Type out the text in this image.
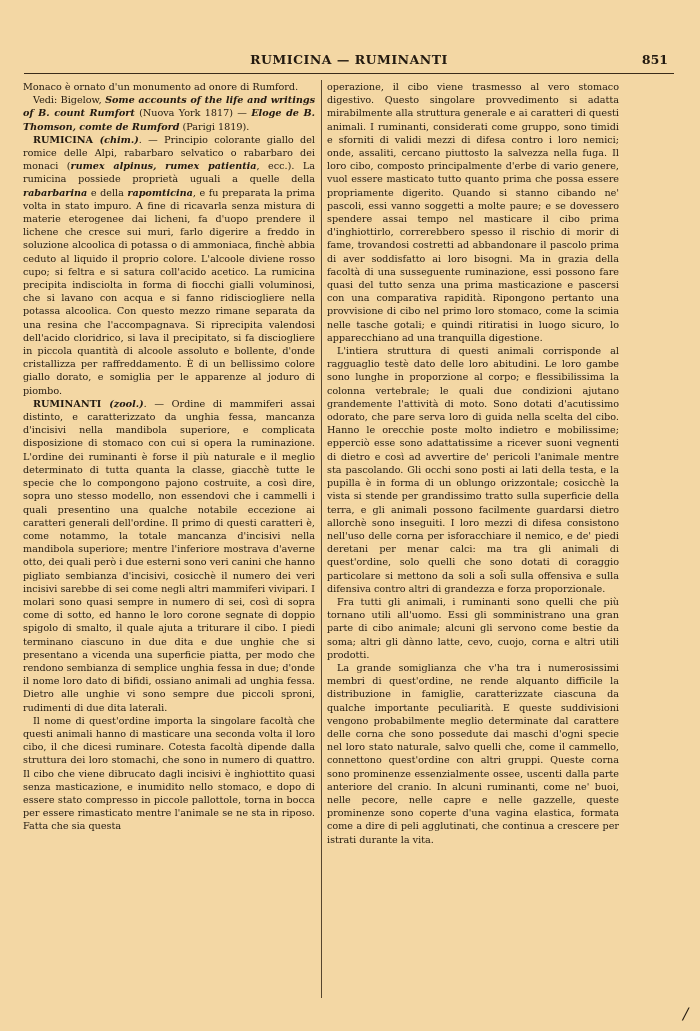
RUMICINA — RUMINANTI	851

Monaco è ornato d'un monumento ad onore di Rumford.

Vedi: Bigelow, Some accounts of the life and writings of B. count Rumfort (Nuova York 1817) — Eloge de B. Thomson, comte de Rumford (Parigi 1819).

RUMICINA (chim.). — Principio colorante giallo del romice delle Alpi, rabarbaro selvatico o rabarbaro dei monaci (rumex alpinus, rumex patientia, ecc.). La rumicina possiede proprietà uguali a quelle della rabarbarina e della rapomticina, e fu preparata la prima volta in stato impuro. A fine di ricavarla senza mistura di materie eterogenee dai licheni, fa d'uopo prendere il lichene che cresce sui muri, farlo digerire a freddo in soluzione alcoolica di potassa o di ammoniaca, finchè abbia ceduto al liquido il proprio colore. L'alcoole diviene rosso cupo; si feltra e si satura coll'acido acetico. La rumicina precipita indisciolta in forma di fiocchi gialli voluminosi, che si lavano con acqua e si fanno ridisciogliere nella potassa alcoolica. Con questo mezzo rimane separata da una resina che l'accompagnava. Si riprecipita valendosi dell'acido cloridrico, si lava il precipitato, si fa disciogliere in piccola quantità di alcoole assoluto e bollente, d'onde cristallizza per raffreddamento. È di un bellissimo colore giallo dorato, e somiglia per le apparenze al joduro di piombo.

RUMINANTI (zool.). — Ordine di mammiferi assai distinto, e caratterizzato da unghia fessa, mancanza d'incisivi nella mandibola superiore, e complicata disposizione di stomaco con cui si opera la ruminazione. L'ordine dei ruminanti è forse il più naturale e il meglio determinato di tutta quanta la classe, giacchè tutte le specie che lo compongono pajono costruite, a così dire, sopra uno stesso modello, non essendovi che i cammelli i quali presentino una qualche notabile eccezione ai caratteri generali dell'ordine. Il primo di questi caratteri è, come notammo, la totale mancanza d'incisivi nella mandibola superiore; mentre l'inferiore mostrava d'averne otto, dei quali però i due esterni sono veri canini che hanno pigliato sembianza d'incisivi, cosicchè il numero dei veri incisivi sarebbe di sei come negli altri mammiferi vivipari. I molari sono quasi sempre in numero di sei, così di sopra come di sotto, ed hanno le loro corone segnate di doppio spigolo di smalto, il quale ajuta a triturare il cibo. I piedi terminano ciascuno in due dita e due unghie che si presentano a vicenda una superficie piatta, per modo che rendono sembianza di semplice unghia fessa in due; d'onde il nome loro dato di bifidi, ossiano animali ad unghia fessa. Dietro alle unghie vi sono sempre due piccoli sproni, rudimenti di due dita laterali.

Il nome di quest'ordine importa la singolare facoltà che questi animali hanno di masticare una seconda volta il loro cibo, il che dicesi ruminare. Cotesta facoltà dipende dalla struttura dei loro stomachi, che sono in numero di quattro. Il cibo che viene dibrucato dagli incisivi è inghiottito quasi senza masticazione, e inumidito nello stomaco, e dopo di essere stato compresso in piccole pallottole, torna in bocca per essere rimasticato mentre l'animale se ne sta in riposo. Fatta che sia questa

operazione, il cibo viene trasmesso al vero stomaco digestivo. Questo singolare provvedimento si adatta mirabilmente alla struttura generale e ai caratteri di questi animali. I ruminanti, considerati come gruppo, sono timidi e sforniti di validi mezzi di difesa contro i loro nemici; onde, assaliti, cercano piuttosto la salvezza nella fuga. Il loro cibo, composto principalmente d'erbe di vario genere, vuol essere masticato tutto quanto prima che possa essere propriamente digerito. Quando si stanno cibando ne' pascoli, essi vanno soggetti a molte paure; e se dovessero spendere assai tempo nel masticare il cibo prima d'inghiottirlo, correrebbero spesso il rischio di morir di fame, trovandosi costretti ad abbandonare il pascolo prima di aver soddisfatto ai loro bisogni. Ma in grazia della facoltà di una susseguente ruminazione, essi possono fare quasi del tutto senza una prima masticazione e pascersi con una comparativa rapidità. Ripongono pertanto una provvisione di cibo nel primo loro stomaco, come la scimia nelle tasche gotali; e quindi ritiratisi in luogo sicuro, lo apparecchiano ad una tranquilla digestione.

L'intiera struttura di questi animali corrisponde al ragguaglio testè dato delle loro abitudini. Le loro gambe sono lunghe in proporzione al corpo; e flessibilissima la colonna vertebrale; le quali due condizioni ajutano grandemente l'attività di moto. Sono dotati d'acutissimo odorato, che pare serva loro di guida nella scelta del cibo. Hanno le orecchie poste molto indietro e mobilissime; epperciò esse sono adattatissime a ricever suoni vegnenti di dietro e così ad avvertire de' pericoli l'animale mentre sta pascolando. Gli occhi sono posti ai lati della testa, e la pupilla è in forma di un oblungo orizzontale; cosicchè la vista si stende per grandissimo tratto sulla superficie della terra, e gli animali possono facilmente guardarsi dietro allorchè sono inseguiti. I loro mezzi di difesa consistono nell'uso delle corna per isforacchiare il nemico, e de' piedi deretani per menar calci: ma tra gli animali di quest'ordine, solo quelli che sono dotati di coraggio particolare si mettono da soli a sol̄i sulla offensiva e sulla difensiva contro altri di grandezza e forza proporzionale.

Fra tutti gli animali, i ruminanti sono quelli che più tornano utili all'uomo. Essi gli somministrano una gran parte di cibo animale; alcuni gli servono come bestie da soma; altri gli dànno latte, cevo, cuojo, corna e altri utili prodotti.

La grande somiglianza che v'ha tra i numerosissimi membri di quest'ordine, ne rende alquanto difficile la distribuzione in famiglie, caratterizzate ciascuna da qualche importante peculiarità. E queste suddivisioni vengono probabilmente meglio determinate dal carattere delle corna che sono possedute dai maschi d'ogni specie nel loro stato naturale, salvo quelli che, come il cammello, connettono quest'ordine con altri gruppi. Queste corna sono prominenze essenzialmente ossee, uscenti dalla parte anteriore del cranio. In alcuni ruminanti, come ne' buoi, nelle pecore, nelle capre e nelle gazzelle, queste prominenze sono coperte d'una vagina elastica, formata come a dire di peli agglutinati, che continua a crescere per istrati durante la vita.

/
